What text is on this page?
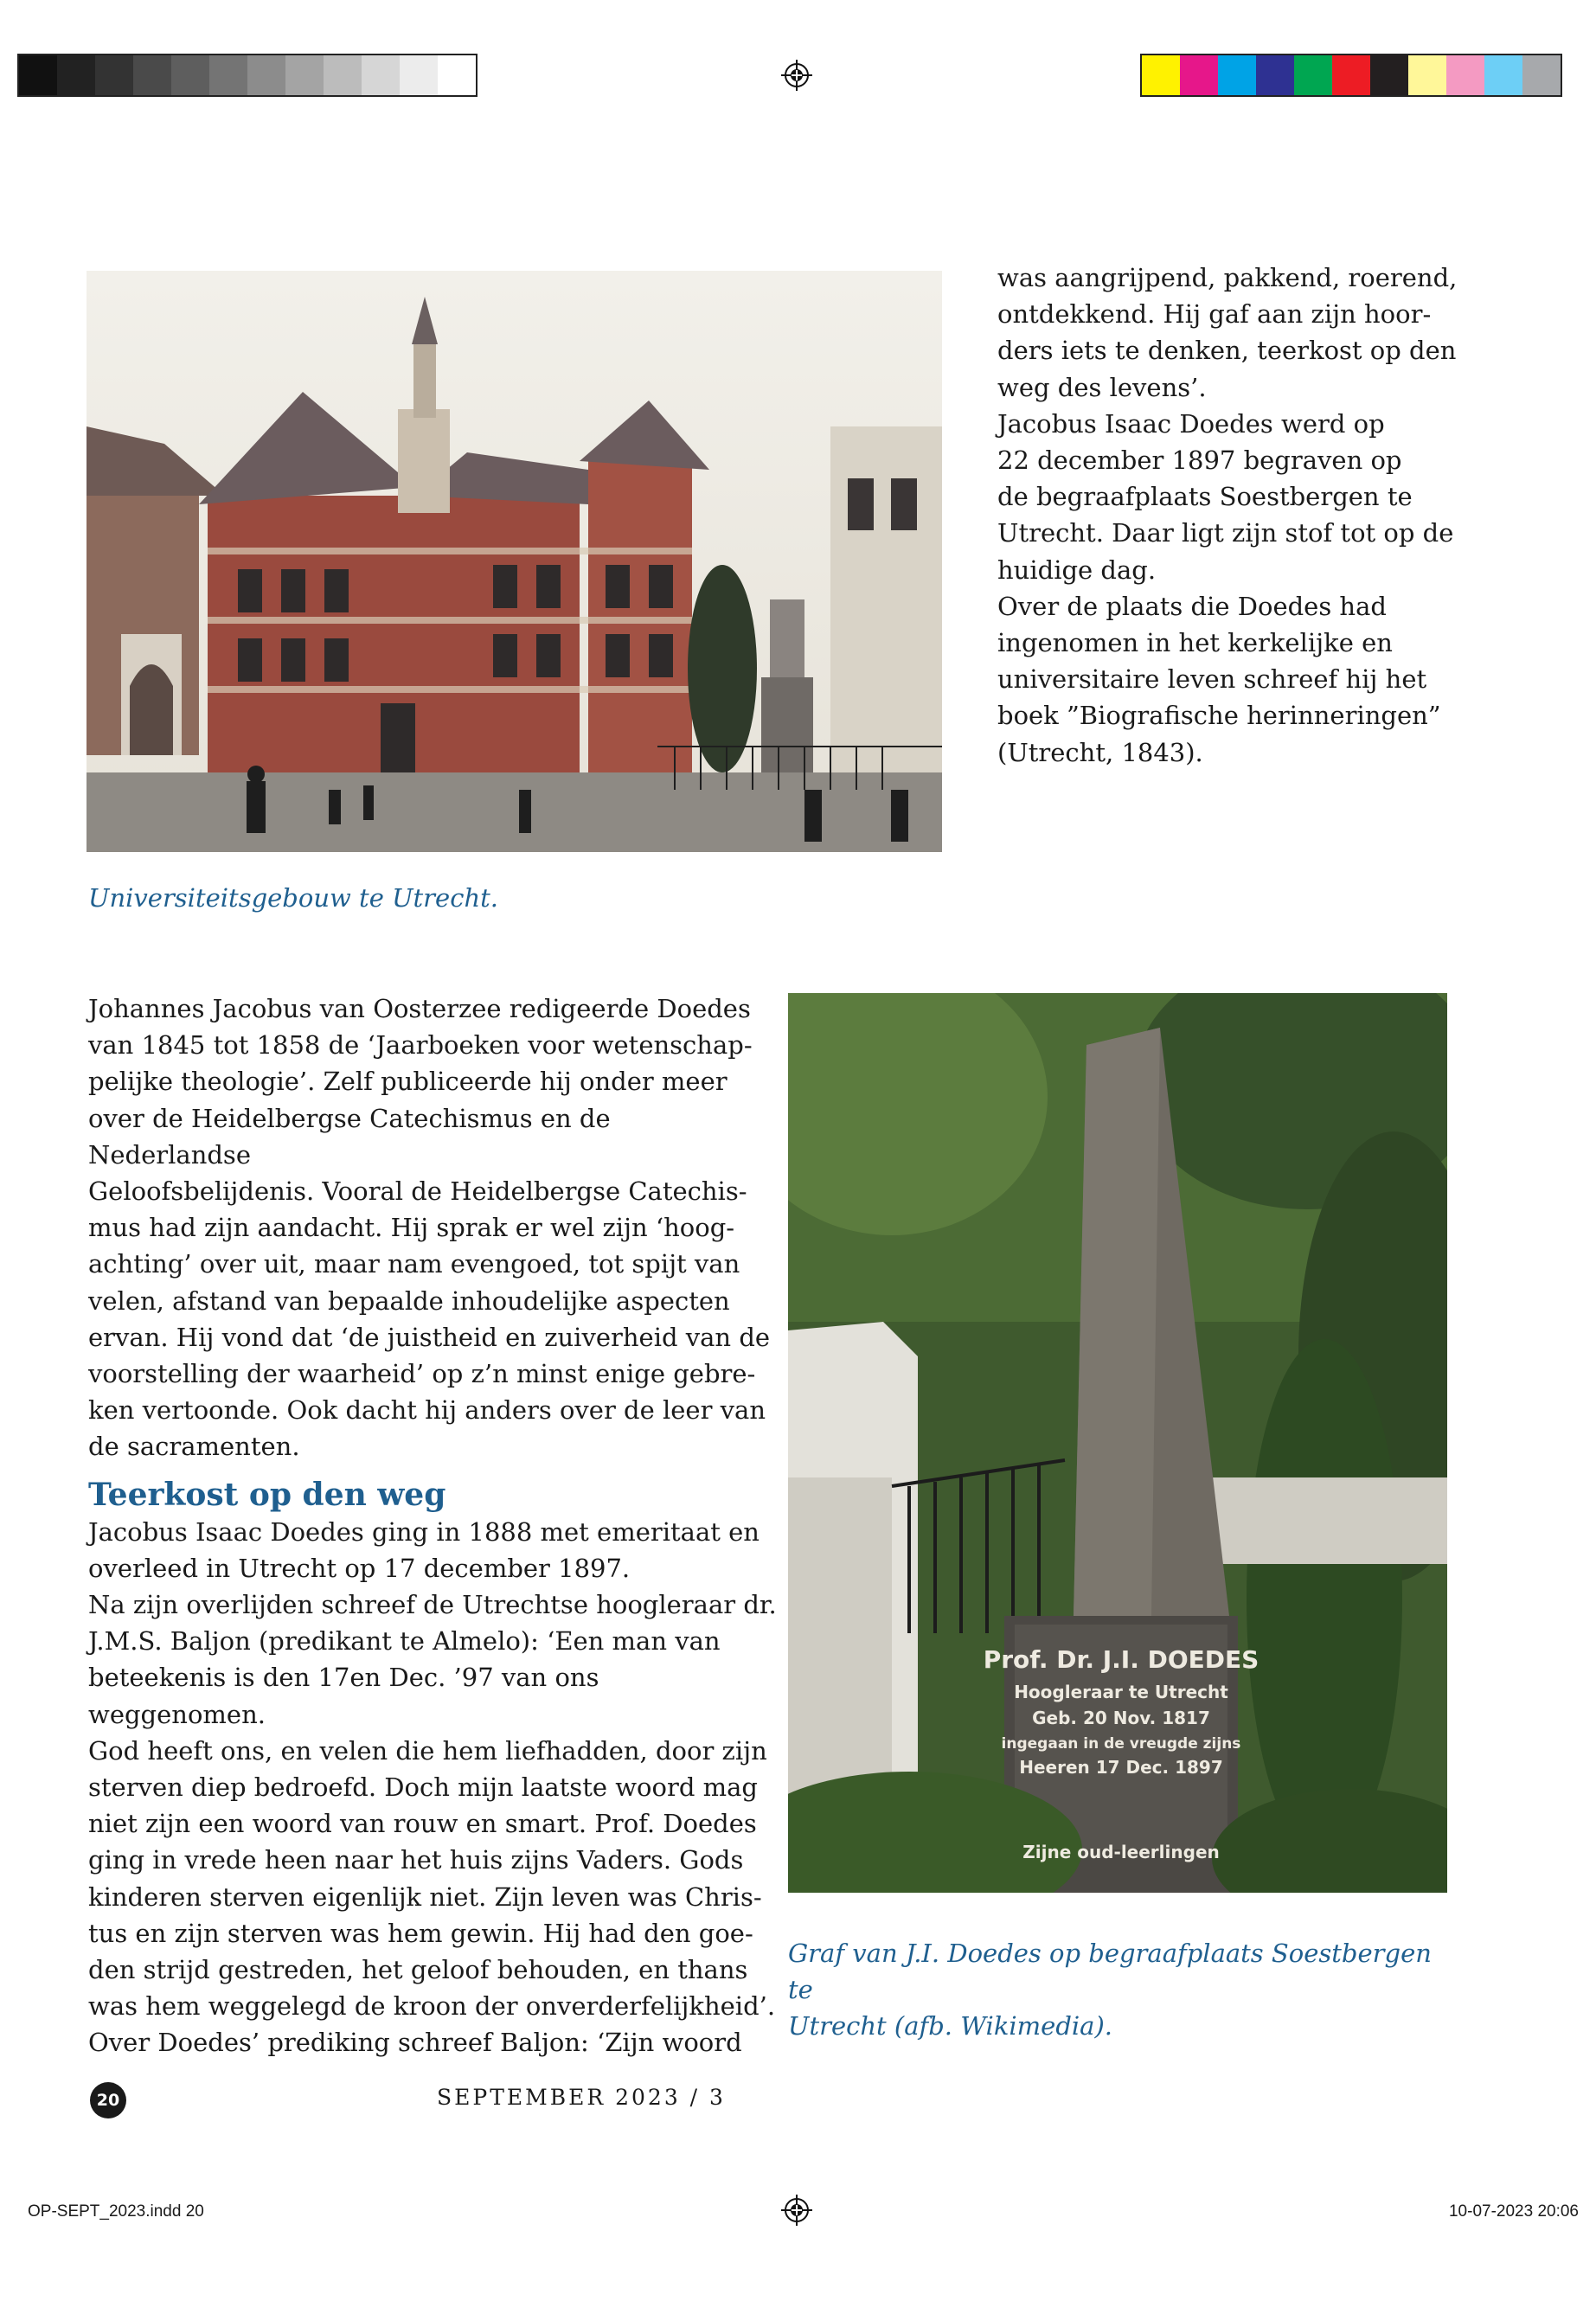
was aangrijpend, pakkend, roerend,

ontdekkend. Hij gaf aan zijn hoor-

ders iets te denken, teerkost op den

weg des levens’.

Jacobus Isaac Doedes werd op

22 december 1897 begraven op

de begraafplaats Soestbergen te

Utrecht. Daar ligt zijn stof tot op de

huidige dag.

Over de plaats die Doedes had

ingenomen in het kerkelijke en

universitaire leven schreef hij het

boek ”Biografische herinneringen”

(Utrecht, 1843).

Universiteitsgebouw te Utrecht.

Johannes Jacobus van Oosterzee redigeerde Doedes

van 1845 tot 1858 de ‘Jaarboeken voor wetenschap-

pelijke theologie’. Zelf publiceerde hij onder meer

over de Heidelbergse Catechismus en de Nederlandse

Geloofsbelijdenis. Vooral de Heidelbergse Catechis-

mus had zijn aandacht. Hij sprak er wel zijn ‘hoog-

achting’ over uit, maar nam evengoed, tot spijt van

velen, afstand van bepaalde inhoudelijke aspecten

ervan. Hij vond dat ‘de juistheid en zuiverheid van de

voorstelling der waarheid’ op z’n minst enige gebre-

ken vertoonde. Ook dacht hij anders over de leer van

de sacramenten.

Teerkost op den weg

Jacobus Isaac Doedes ging in 1888 met emeritaat en

overleed in Utrecht op 17 december 1897.

Na zijn overlijden schreef de Utrechtse hoogleraar dr.

J.M.S. Baljon (predikant te Almelo): ‘Een man van

beteekenis is den 17en Dec. ’97 van ons weggenomen.

God heeft ons, en velen die hem liefhadden, door zijn

sterven diep bedroefd. Doch mijn laatste woord mag

niet zijn een woord van rouw en smart. Prof. Doedes

ging in vrede heen naar het huis zijns Vaders. Gods

kinderen sterven eigenlijk niet. Zijn leven was Chris-

tus en zijn sterven was hem gewin. Hij had den goe-

den strijd gestreden, het geloof behouden, en thans

was hem weggelegd de kroon der onverderfelijkheid’.

Over Doedes’ prediking schreef Baljon: ‘Zijn woord

Prof. Dr. J.I. DOEDES
Hoogleraar te Utrecht
Geb. 20 Nov. 1817
ingegaan in de vreugde zijns
Heeren 17 Dec. 1897
Zijne oud-leerlingen
Graf van J.I. Doedes op begraafplaats Soestbergen te
Utrecht (afb. Wikimedia).
20	SEPTEMBER 2023 / 3
OP-SEPT_2023.indd 20	10-07-2023 20:06
